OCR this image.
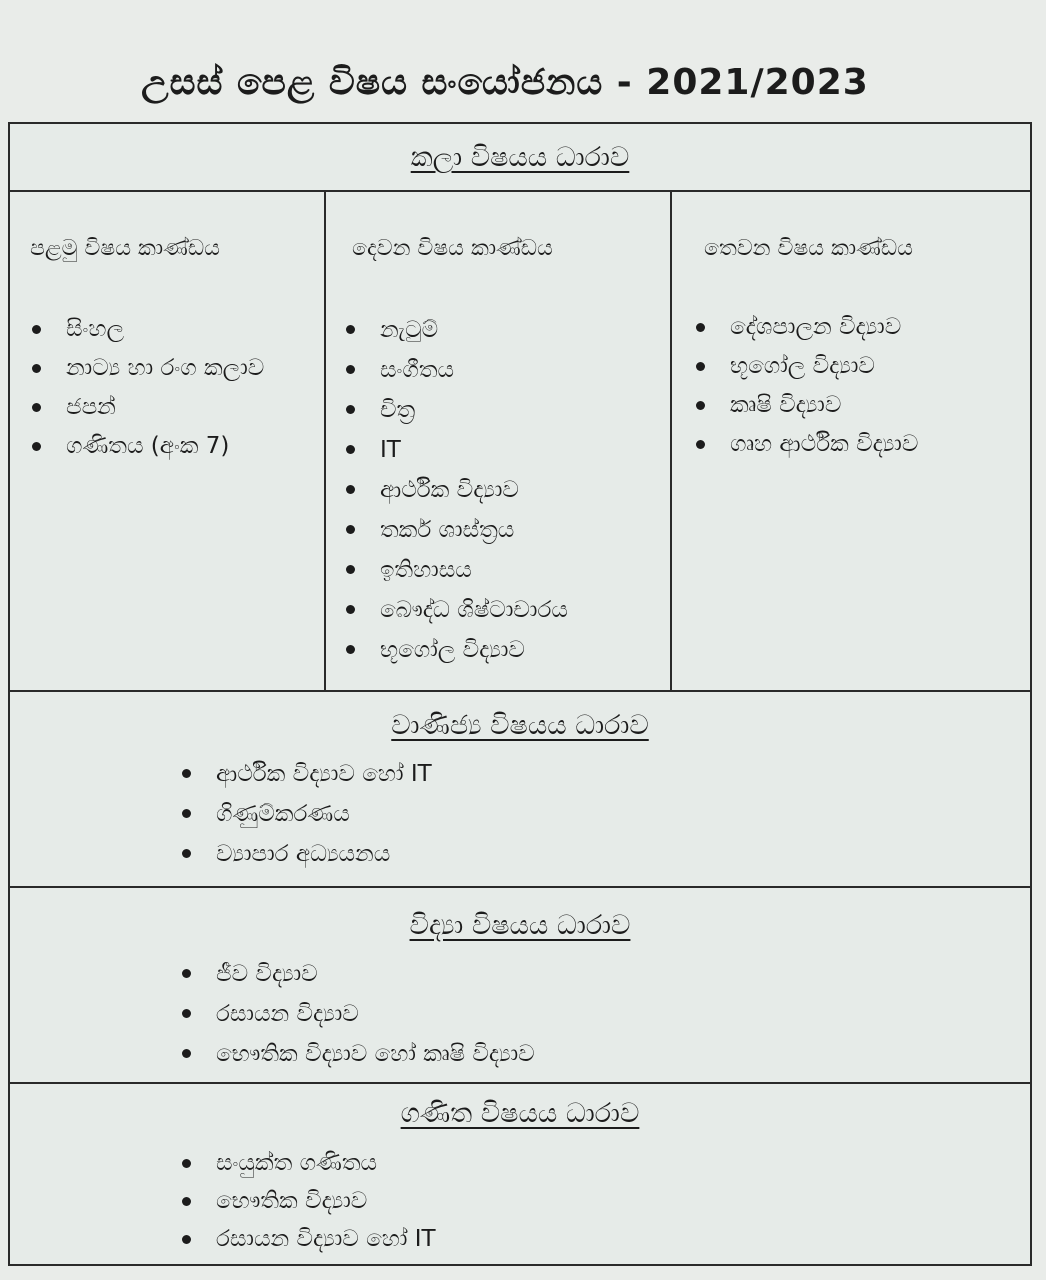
උසස් පෙළ විෂය සංයෝජනය - 2021/2023
කලා විෂයය ධාරාව
පළමු විෂය කාණ්ඩය	දෙවන විෂය කාණ්ඩය	තෙවන විෂය කාණ්ඩය
සිංහල
නාට්‍ය හා රංග කලාව
ජපන්
ගණිතය (අංක 7)
නැටුම්
සංගීතය
චිත්‍ර
IT
ආර්ථික විද්‍යාව
තර්ක ශාස්ත්‍රය
ඉතිහාසය
බෞද්ධ ශිෂ්ටාචාරය
භූගෝල විද්‍යාව
දේශපාලන විද්‍යාව
භූගෝල විද්‍යාව
කෘෂි විද්‍යාව
ගෘහ ආර්ථික විද්‍යාව
වාණිජ්‍ය විෂයය ධාරාව
ආර්ථික විද්‍යාව හෝ IT
ගිණුම්කරණය
ව්‍යාපාර අධ්‍යයනය
විද්‍යා විෂයය ධාරාව
ජීව විද්‍යාව
රසායන විද්‍යාව
භෞතික විද්‍යාව හෝ කෘෂි විද්‍යාව
ගණිත විෂයය ධාරාව
සංයුක්ත ගණිතය
භෞතික විද්‍යාව
රසායන විද්‍යාව හෝ IT
